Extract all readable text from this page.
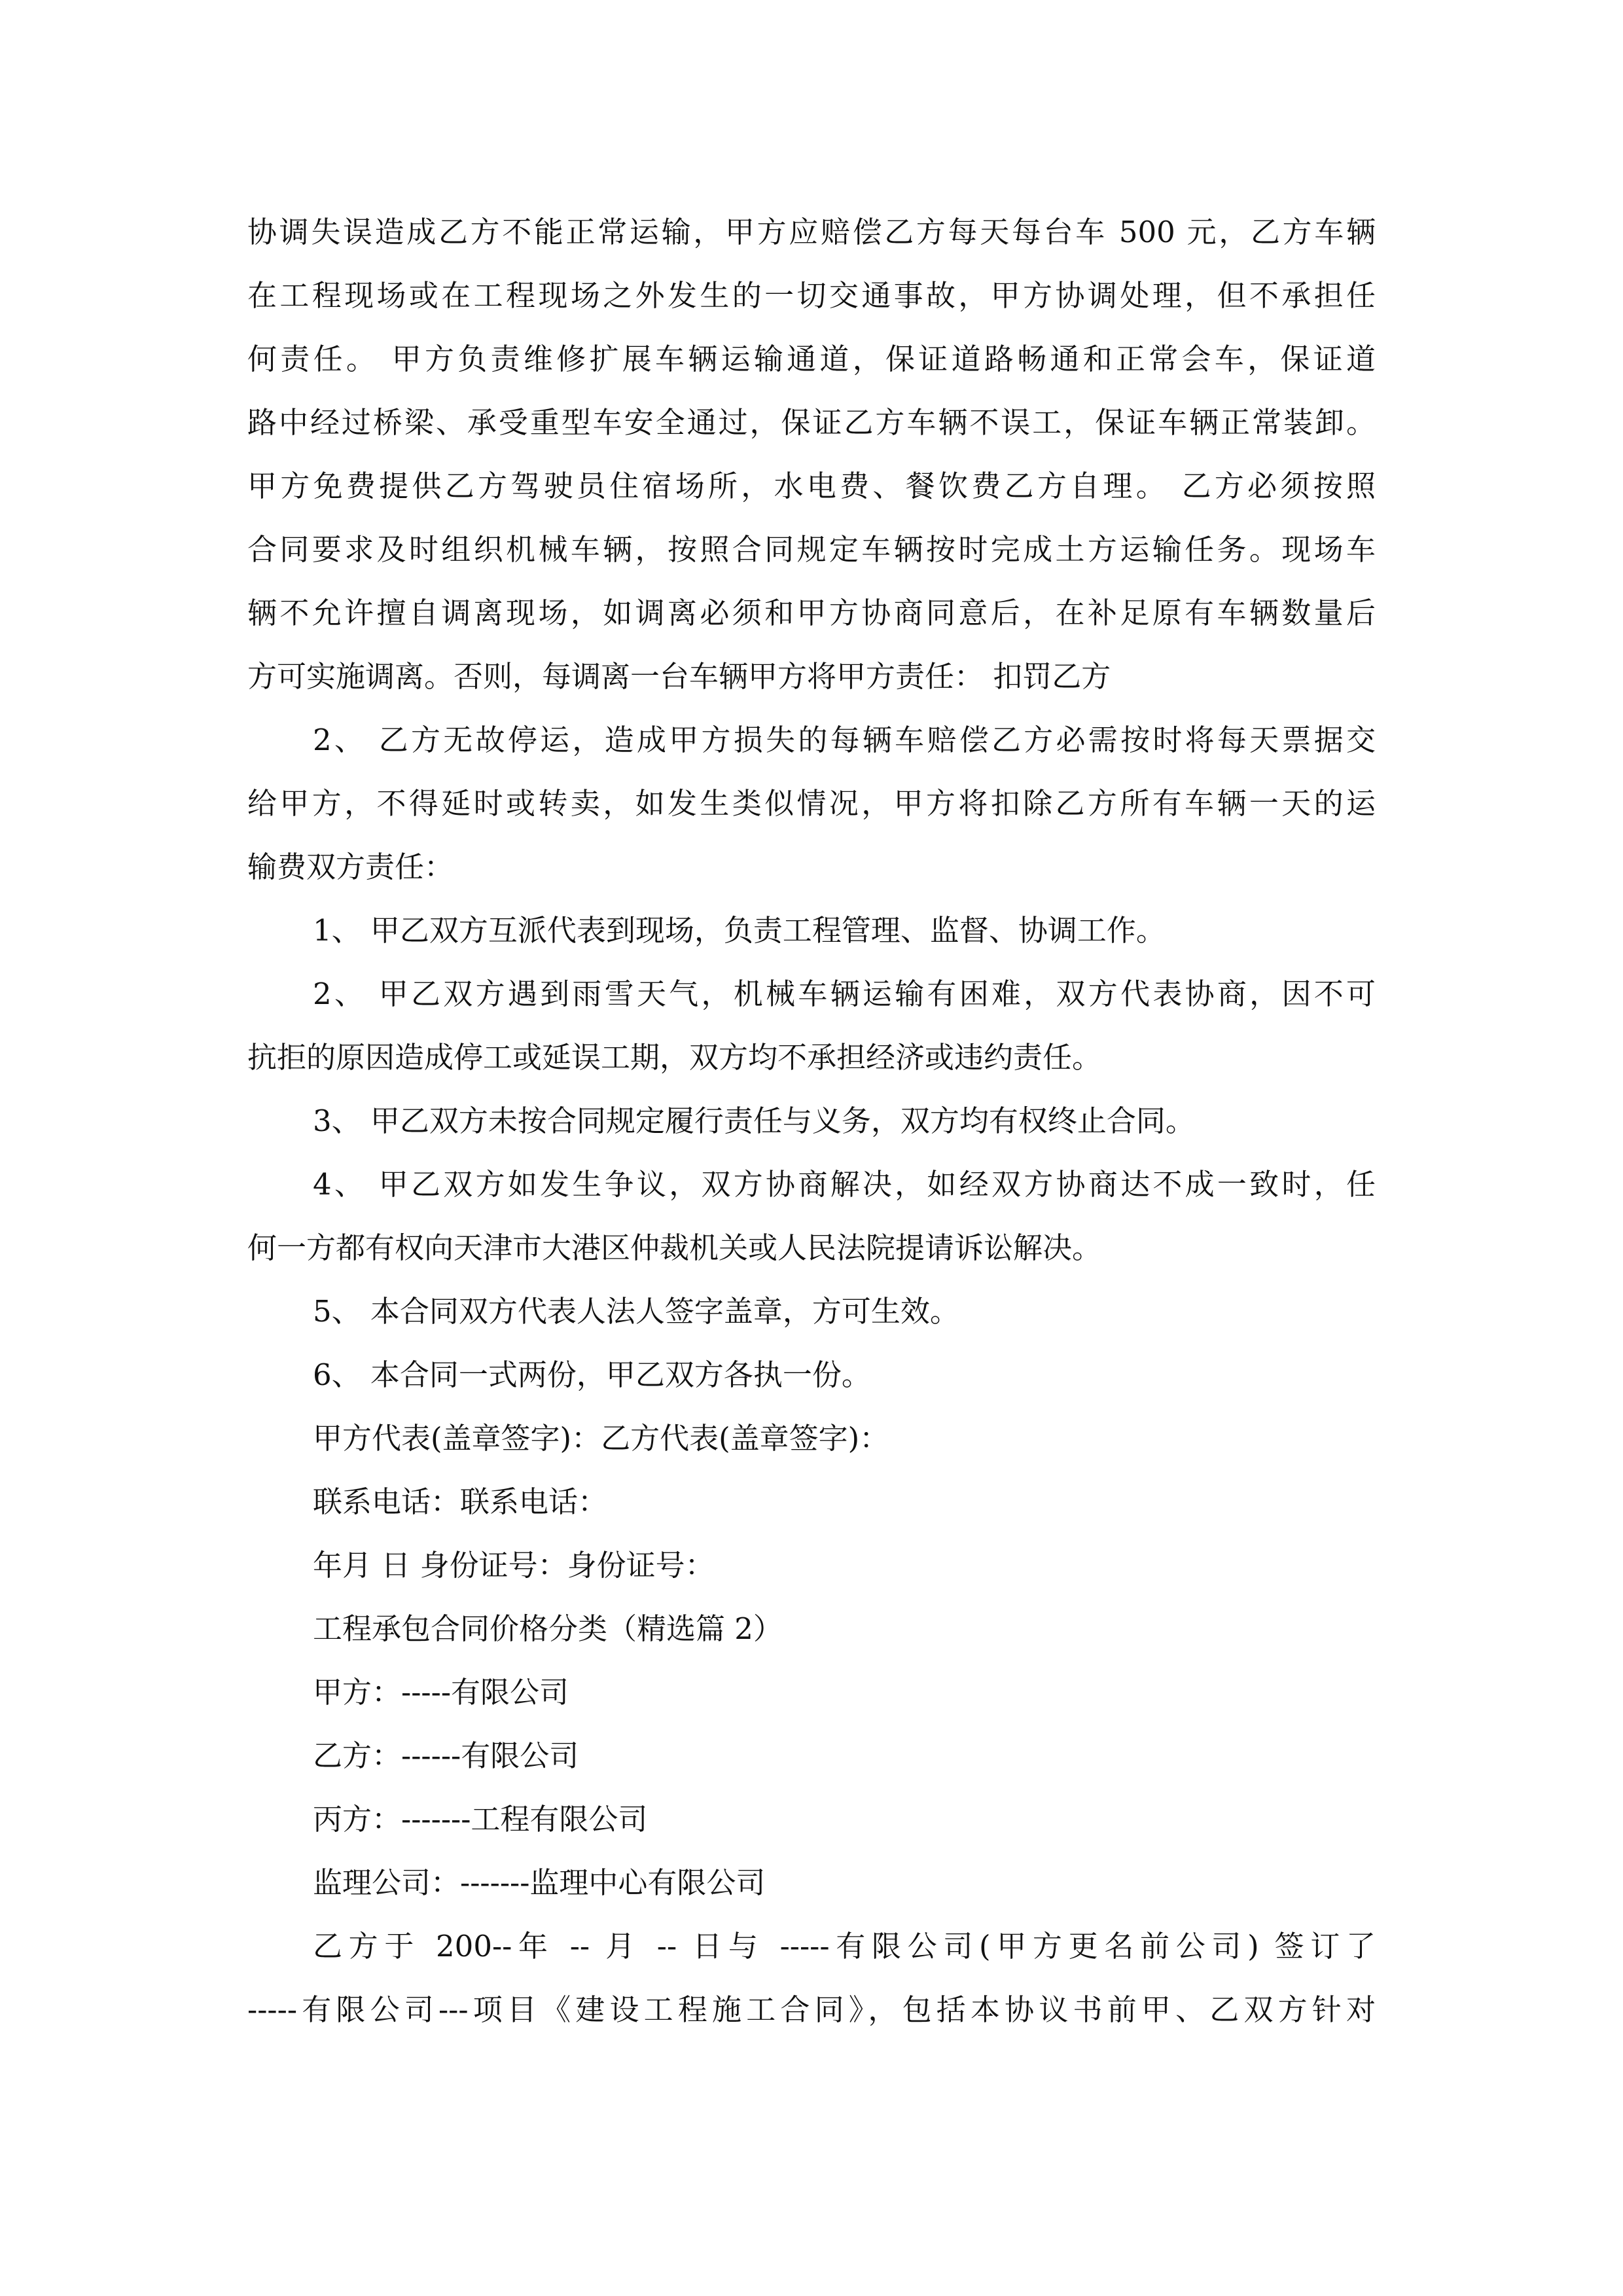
协调失误造成乙方不能正常运输，甲方应赔偿乙方每天每台车 500 元，乙方车辆
在工程现场或在工程现场之外发生的一切交通事故，甲方协调处理，但不承担任
何责任。 甲方负责维修扩展车辆运输通道，保证道路畅通和正常会车，保证道
路中经过桥梁、承受重型车安全通过，保证乙方车辆不误工，保证车辆正常装卸。
甲方免费提供乙方驾驶员住宿场所，水电费、餐饮费乙方自理。 乙方必须按照
合同要求及时组织机械车辆，按照合同规定车辆按时完成土方运输任务。现场车
辆不允许擅自调离现场，如调离必须和甲方协商同意后，在补足原有车辆数量后
方可实施调离。否则，每调离一台车辆甲方将甲方责任： 扣罚乙方
2、 乙方无故停运，造成甲方损失的每辆车赔偿乙方必需按时将每天票据交
给甲方，不得延时或转卖，如发生类似情况，甲方将扣除乙方所有车辆一天的运
输费双方责任：
1、 甲乙双方互派代表到现场，负责工程管理、监督、协调工作。
2、 甲乙双方遇到雨雪天气，机械车辆运输有困难，双方代表协商，因不可
抗拒的原因造成停工或延误工期，双方均不承担经济或违约责任。
3、 甲乙双方未按合同规定履行责任与义务，双方均有权终止合同。
4、 甲乙双方如发生争议，双方协商解决，如经双方协商达不成一致时，任
何一方都有权向天津市大港区仲裁机关或人民法院提请诉讼解决。
5、 本合同双方代表人法人签字盖章，方可生效。
6、 本合同一式两份，甲乙双方各执一份。
甲方代表(盖章签字)：乙方代表(盖章签字)：
联系电话：联系电话：
年月 日 身份证号：身份证号：
工程承包合同价格分类（精选篇 2）
甲方：-----有限公司
乙方：------有限公司
丙方：-------工程有限公司
监理公司：-------监理中心有限公司
乙方于 200--年 -- 月 -- 日与 -----有限公司(甲方更名前公司) 签订了
-----有限公司---项目《建设工程施工合同》，包括本协议书前甲、乙双方针对
